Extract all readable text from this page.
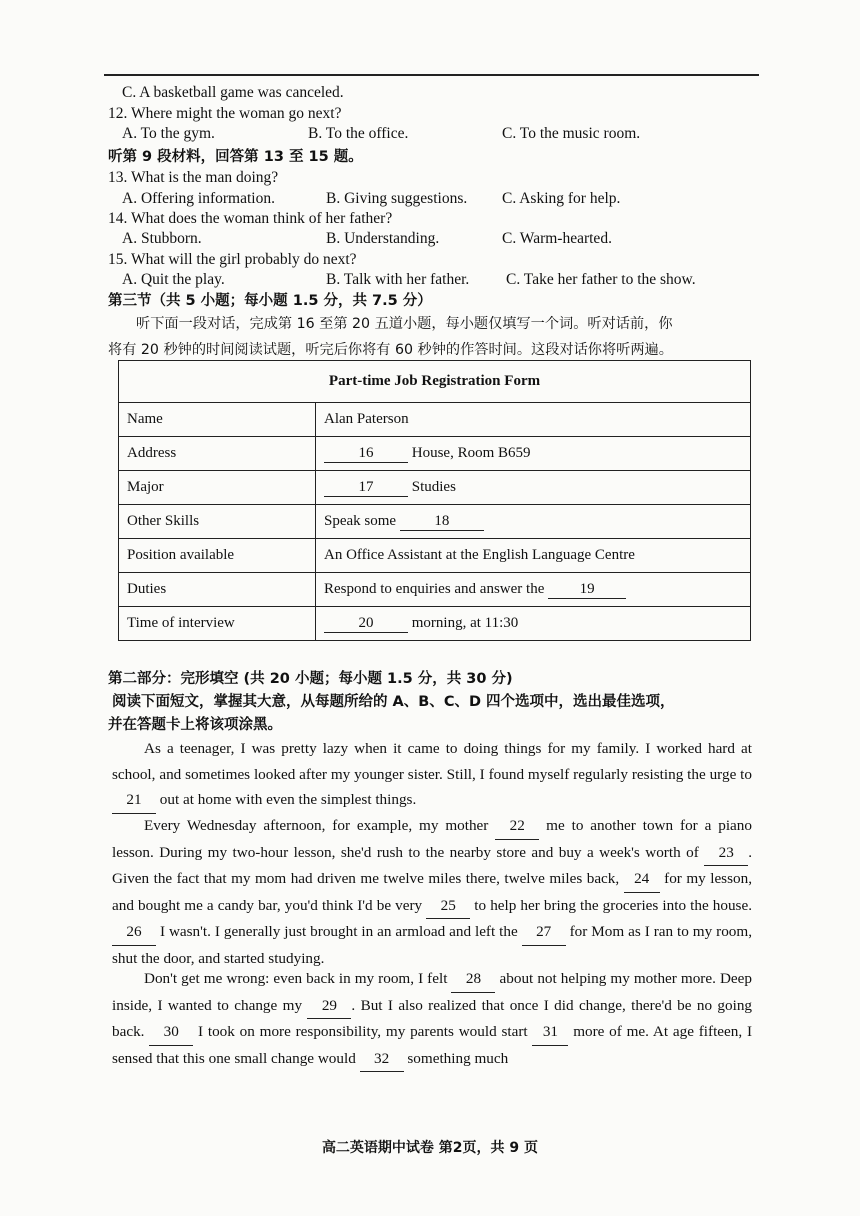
C. A basketball game was canceled.
12. Where might the woman go next?
A. To the gym.	B. To the office.	C. To the music room.
听第 9 段材料，回答第 13 至 15 题。
13. What is the man doing?
A. Offering information.	B. Giving suggestions. C. Asking for help.
14. What does the woman think of her father?
A. Stubborn.	B. Understanding.	C. Warm-hearted.
15. What will the girl probably do next?
A. Quit the play.	B. Talk with her father. C. Take her father to the show.
第三节（共 5 小题；每小题 1.5 分，共 7.5 分）
听下面一段对话，完成第 16 至第 20 五道小题，每小题仅填写一个词。听对话前，你
将有 20 秒钟的时间阅读试题，听完后你将有 60 秒钟的作答时间。这段对话你将听两遍。
Part-time Job Registration Form	
Name	Alan Paterson
Address	16 House, Room B659
Major	17 Studies
Other Skills	Speak some 18
Position available	An Office Assistant at the English Language Centre
Duties	Respond to enquiries and answer the 19
Time of interview	20 morning, at 11:30
第二部分：完形填空 (共 20 小题；每小题 1.5 分，共 30 分)
阅读下面短文，掌握其大意，从每题所给的 A、B、C、D 四个选项中，选出最佳选项，
并在答题卡上将该项涂黑。
As a teenager, I was pretty lazy when it came to doing things for my family. I worked hard at school, and sometimes looked after my younger sister. Still, I found myself regularly resisting the urge to 21 out at home with even the simplest things.
Every Wednesday afternoon, for example, my mother 22 me to another town for a piano lesson. During my two-hour lesson, she'd rush to the nearby store and buy a week's worth of 23 . Given the fact that my mom had driven me twelve miles there, twelve miles back, 24 for my lesson, and bought me a candy bar, you'd think I'd be very 25 to help her bring the groceries into the house. 26 I wasn't. I generally just brought in an armload and left the 27 for Mom as I ran to my room, shut the door, and started studying.
Don't get me wrong: even back in my room, I felt 28 about not helping my mother more. Deep inside, I wanted to change my 29 . But I also realized that once I did change, there'd be no going back. 30 I took on more responsibility, my parents would start 31 more of me. At age fifteen, I sensed that this one small change would 32 something much
高二英语期中试卷 第2页，共 9 页
